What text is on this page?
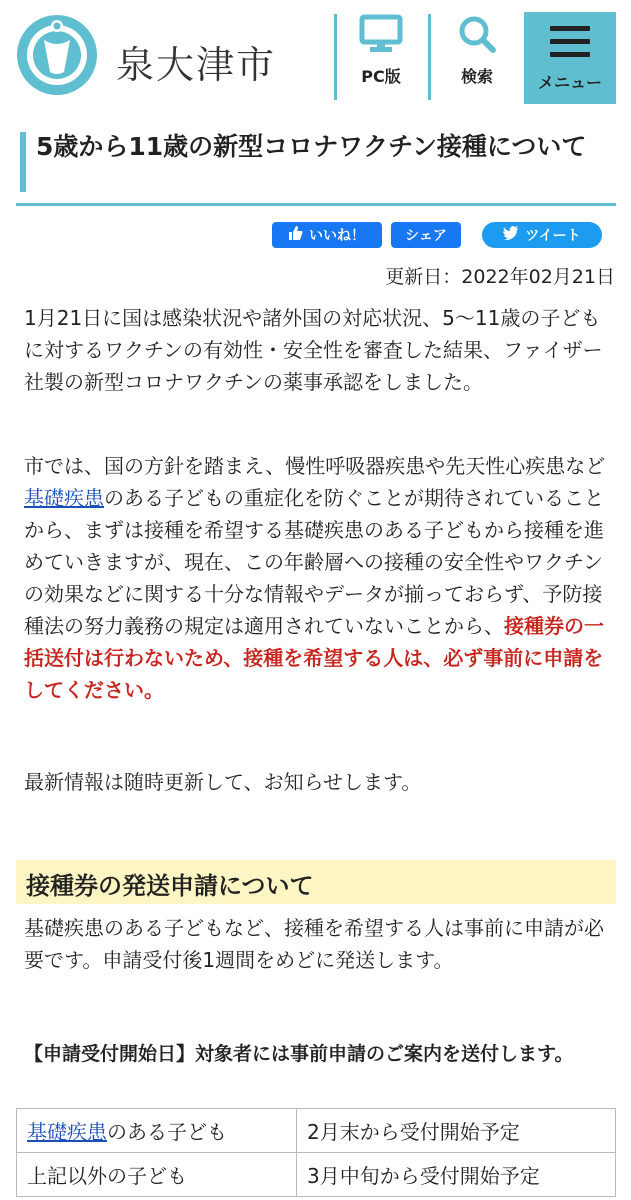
泉大津市	PC版	検索	メニュー
5歳から11歳の新型コロナワクチン接種について
いいね！	シェア	ツイート
更新日：2022年02月21日

1月21日に国は感染状況や諸外国の対応状況、5～11歳の子どもに対するワクチンの有効性・安全性を審査した結果、ファイザー社製の新型コロナワクチンの薬事承認をしました。

市では、国の方針を踏まえ、慢性呼吸器疾患や先天性心疾患など基礎疾患のある子どもの重症化を防ぐことが期待されていることから、まずは接種を希望する基礎疾患のある子どもから接種を進めていきますが、現在、この年齢層への接種の安全性やワクチンの効果などに関する十分な情報やデータが揃っておらず、予防接種法の努力義務の規定は適用されていないことから、接種券の一括送付は行わないため、接種を希望する人は、必ず事前に申請をしてください。

最新情報は随時更新して、お知らせします。

接種券の発送申請について

基礎疾患のある子どもなど、接種を希望する人は事前に申請が必要です。申請受付後1週間をめどに発送します。

【申請受付開始日】対象者には事前申請のご案内を送付します。

基礎疾患のある子ども	2月末から受付開始予定
上記以外の子ども	3月中旬から受付開始予定
